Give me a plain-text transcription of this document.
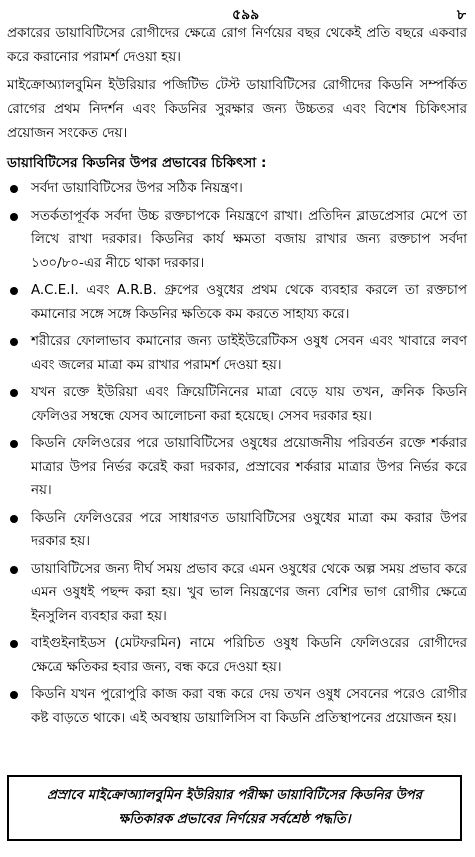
৫৯৯	৮

প্রকারের ডায়াবিটিসের রোগীদের ক্ষেত্রে রোগ নির্ণয়ের বছর থেকেই প্রতি বছরে একবার করে করানোর পরামর্শ দেওয়া হয়।

মাইক্রোঅ্যালবুমিন ইউরিয়ার পজিটিভ টেস্ট ডায়াবিটিসের রোগীদের কিডনি সম্পর্কিত রোগের প্রথম নিদর্শন এবং কিডনির সুরক্ষার জন্য উচ্চতর এবং বিশেষ চিকিৎসার প্রয়োজন সংকেত দেয়।

ডায়াবিটিসের কিডনির উপর প্রভাবের চিকিৎসা :
সর্বদা ডায়াবিটিসের উপর সঠিক নিয়ন্ত্রণ।
সতর্কতাপূর্বক সর্বদা উচ্চ রক্তচাপকে নিয়ন্ত্রণে রাখা। প্রতিদিন ব্লাডপ্রেসার মেপে তা লিখে রাখা দরকার। কিডনির কার্য ক্ষমতা বজায় রাখার জন্য রক্তচাপ সর্বদা ১৩০/৮০-এর নীচে থাকা দরকার।
A.C.E.I. এবং A.R.B. গ্রুপের ওষুধের প্রথম থেকে ব্যবহার করলে তা রক্তচাপ কমানোর সঙ্গে সঙ্গে কিডনির ক্ষতিকে কম করতে সাহায্য করে।
শরীরের ফোলাভাব কমানোর জন্য ডাইইউরেটিকস ওষুধ সেবন এবং খাবারে লবণ এবং জলের মাত্রা কম রাখার পরামর্শ দেওয়া হয়।
যখন রক্তে ইউরিয়া এবং ক্রিয়েটিনিনের মাত্রা বেড়ে যায় তখন, ক্রনিক কিডনি ফেলিওর সম্বন্ধে যেসব আলোচনা করা হয়েছে। সেসব দরকার হয়।
কিডনি ফেলিওরের পরে ডায়াবিটিসের ওষুধের প্রয়োজনীয় পরিবর্তন রক্তে শর্করার মাত্রার উপর নির্ভর করেই করা দরকার, প্রস্রাবের শর্করার মাত্রার উপর নির্ভর করে নয়।
কিডনি ফেলিওরের পরে সাধারণত ডায়াবিটিসের ওষুধের মাত্রা কম করার উপর দরকার হয়।
ডায়াবিটিসের জন্য দীর্ঘ সময় প্রভাব করে এমন ওষুধের থেকে অল্প সময় প্রভাব করে এমন ওষুধই পছন্দ করা হয়। খুব ভাল নিয়ন্ত্রণের জন্য বেশির ভাগ রোগীর ক্ষেত্রে ইনসুলিন ব্যবহার করা হয়।
বাইগুইনাইডস (মেটফরমিন) নামে পরিচিত ওষুধ কিডনি ফেলিওরের রোগীদের ক্ষেত্রে ক্ষতিকর হবার জন্য, বন্ধ করে দেওয়া হয়।
কিডনি যখন পুরোপুরি কাজ করা বন্ধ করে দেয় তখন ওষুধ সেবনের পরেও রোগীর কষ্ট বাড়তে থাকে। এই অবস্থায় ডায়ালিসিস বা কিডনি প্রতিস্থাপনের প্রয়োজন হয়।
প্রস্রাবে মাইক্রোঅ্যালবুমিন ইউরিয়ার পরীক্ষা ডায়াবিটিসের কিডনির উপর ক্ষতিকারক প্রভাবের নির্ণয়ের সর্বশ্রেষ্ঠ পদ্ধতি।
